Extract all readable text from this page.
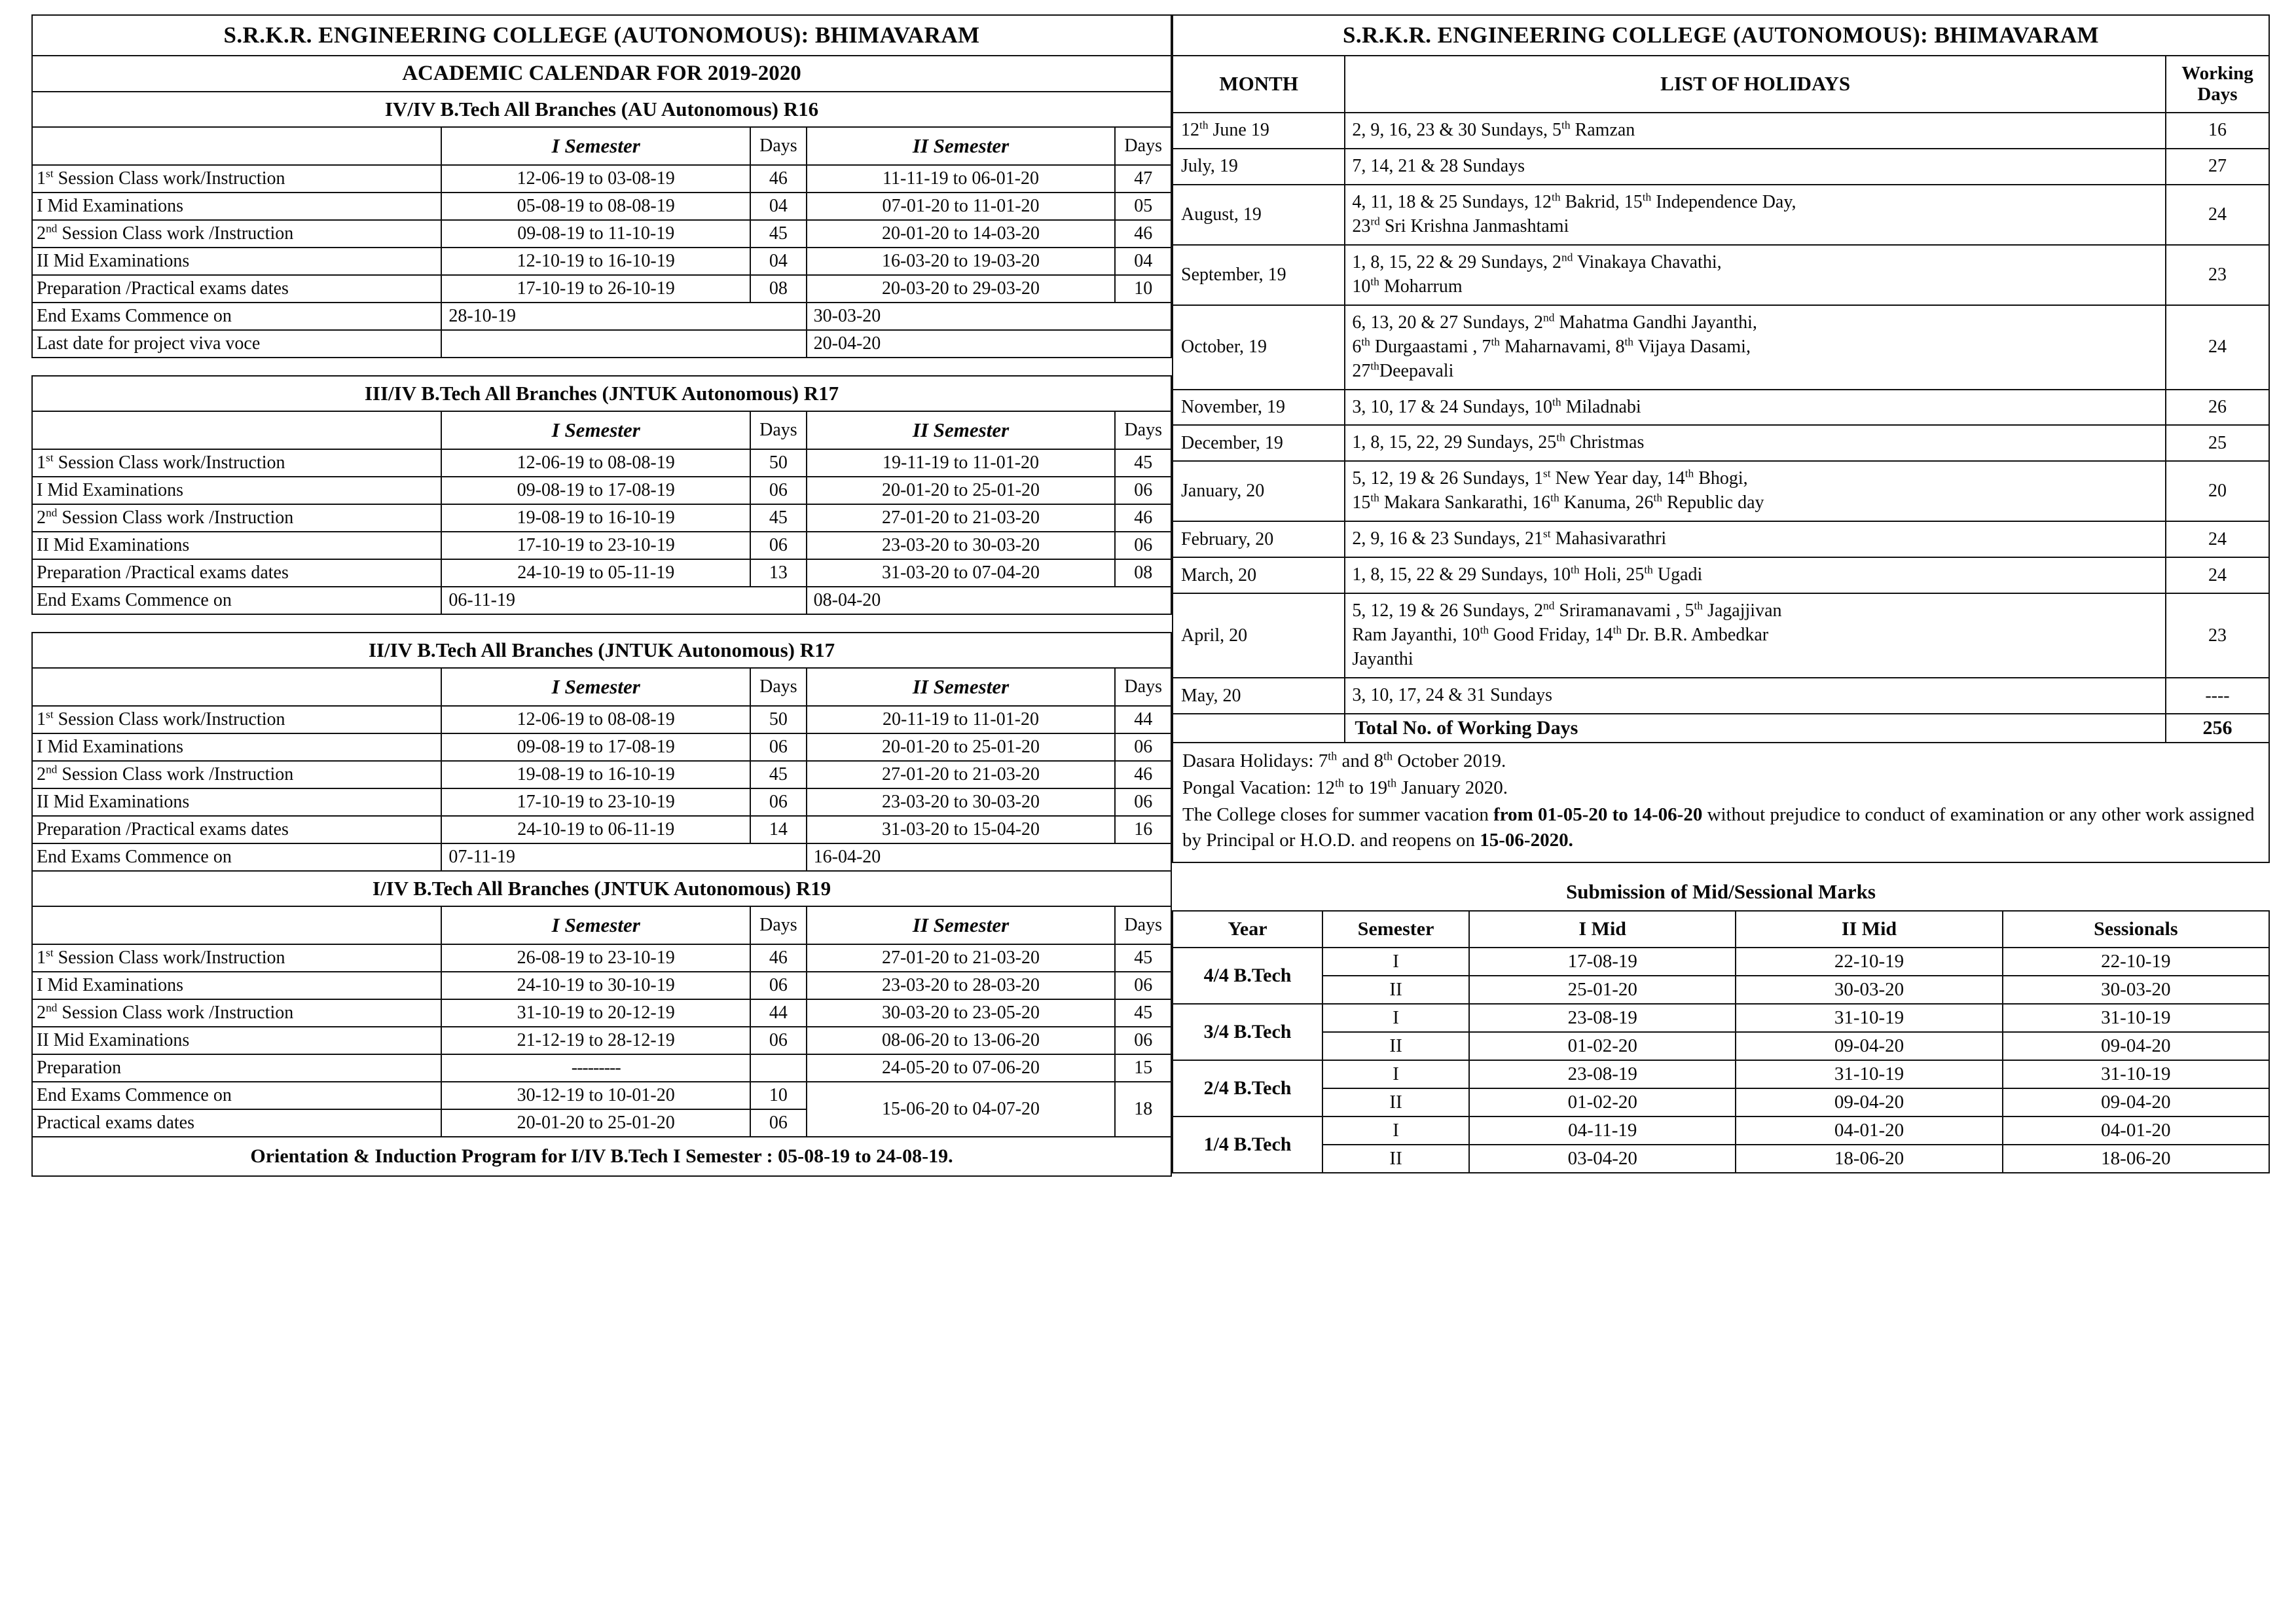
S.R.K.R. ENGINEERING COLLEGE (AUTONOMOUS): BHIMAVARAM				
ACADEMIC CALENDAR FOR 2019-2020				
IV/IV B.Tech All Branches (AU Autonomous) R16				
	I Semester	Days	II Semester	Days
1st Session Class work/Instruction	12-06-19 to 03-08-19	46	11-11-19 to 06-01-20	47
I Mid Examinations	05-08-19 to 08-08-19	04	07-01-20 to 11-01-20	05
2nd Session Class work /Instruction	09-08-19 to 11-10-19	45	20-01-20 to 14-03-20	46
II Mid Examinations	12-10-19 to 16-10-19	04	16-03-20 to 19-03-20	04
Preparation /Practical exams dates	17-10-19 to 26-10-19	08	20-03-20 to 29-03-20	10
End Exams Commence on	28-10-19		30-03-20	
Last date for project viva voce			20-04-20	
III/IV B.Tech All Branches (JNTUK Autonomous) R17				
	I Semester	Days	II Semester	Days
1st Session Class work/Instruction	12-06-19 to 08-08-19	50	19-11-19 to 11-01-20	45
I Mid Examinations	09-08-19 to 17-08-19	06	20-01-20 to 25-01-20	06
2nd Session Class work /Instruction	19-08-19 to 16-10-19	45	27-01-20 to 21-03-20	46
II Mid Examinations	17-10-19 to 23-10-19	06	23-03-20 to 30-03-20	06
Preparation /Practical exams dates	24-10-19 to 05-11-19	13	31-03-20 to 07-04-20	08
End Exams Commence on	06-11-19		08-04-20	
II/IV B.Tech All Branches (JNTUK Autonomous) R17				
	I Semester	Days	II Semester	Days
1st Session Class work/Instruction	12-06-19 to 08-08-19	50	20-11-19 to 11-01-20	44
I Mid Examinations	09-08-19 to 17-08-19	06	20-01-20 to 25-01-20	06
2nd Session Class work /Instruction	19-08-19 to 16-10-19	45	27-01-20 to 21-03-20	46
II Mid Examinations	17-10-19 to 23-10-19	06	23-03-20 to 30-03-20	06
Preparation /Practical exams dates	24-10-19 to 06-11-19	14	31-03-20 to 15-04-20	16
End Exams Commence on	07-11-19		16-04-20	
I/IV B.Tech All Branches (JNTUK Autonomous) R19				
	I Semester	Days	II Semester	Days
1st Session Class work/Instruction	26-08-19 to 23-10-19	46	27-01-20 to 21-03-20	45
I Mid Examinations	24-10-19 to 30-10-19	06	23-03-20 to 28-03-20	06
2nd Session Class work /Instruction	31-10-19 to 20-12-19	44	30-03-20 to 23-05-20	45
II Mid Examinations	21-12-19 to 28-12-19	06	08-06-20 to 13-06-20	06
Preparation	---------		24-05-20 to 07-06-20	15
End Exams Commence on	30-12-19 to 10-01-20	10	15-06-20 to 04-07-20	18
Practical exams dates	20-01-20 to 25-01-20	06		
Orientation & Induction Program for I/IV B.Tech I Semester : 05-08-19 to 24-08-19.				
S.R.K.R. ENGINEERING COLLEGE (AUTONOMOUS): BHIMAVARAM		
MONTH	LIST OF HOLIDAYS	Working
Days
12th June 19	2, 9, 16, 23 & 30 Sundays, 5th Ramzan	16
July, 19	7, 14, 21 & 28 Sundays	27
August, 19	4, 11, 18 & 25 Sundays, 12th Bakrid, 15th Independence Day,
23rd Sri Krishna Janmashtami	24
September, 19	1, 8, 15, 22 & 29 Sundays, 2nd Vinakaya Chavathi,
10th Moharrum	23
October, 19	6, 13, 20 & 27 Sundays, 2nd Mahatma Gandhi Jayanthi,
6th Durgaastami , 7th Maharnavami, 8th Vijaya Dasami,
27thDeepavali	24
November, 19	3, 10, 17 & 24 Sundays, 10th Miladnabi	26
December, 19	1, 8, 15, 22, 29 Sundays, 25th Christmas	25
January, 20	5, 12, 19 & 26 Sundays, 1st New Year day, 14th Bhogi,
15th Makara Sankarathi, 16th Kanuma, 26th Republic day	20
February, 20	2, 9, 16 & 23 Sundays, 21st Mahasivarathri	24
March, 20	1, 8, 15, 22 & 29 Sundays, 10th Holi, 25th Ugadi	24
April, 20	5, 12, 19 & 26 Sundays, 2nd Sriramanavami , 5th Jagajjivan
Ram Jayanthi, 10th Good Friday, 14th Dr. B.R. Ambedkar
Jayanthi	23
May, 20	3, 10, 17, 24 & 31 Sundays	----
	Total No. of Working Days	256

Dasara Holidays: 7th and 8th October 2019.

Pongal Vacation: 12th to 19th January 2020.

The College closes for summer vacation from 01-05-20 to 14-06-20 without prejudice to conduct of examination or any other work assigned by Principal or H.O.D. and reopens on 15-06-2020.

Submission of Mid/Sessional Marks
Year	Semester	I Mid	II Mid	Sessionals
4/4 B.Tech	I	17-08-19	22-10-19	22-10-19
	II	25-01-20	30-03-20	30-03-20
3/4 B.Tech	I	23-08-19	31-10-19	31-10-19
	II	01-02-20	09-04-20	09-04-20
2/4 B.Tech	I	23-08-19	31-10-19	31-10-19
	II	01-02-20	09-04-20	09-04-20
1/4 B.Tech	I	04-11-19	04-01-20	04-01-20
	II	03-04-20	18-06-20	18-06-20
